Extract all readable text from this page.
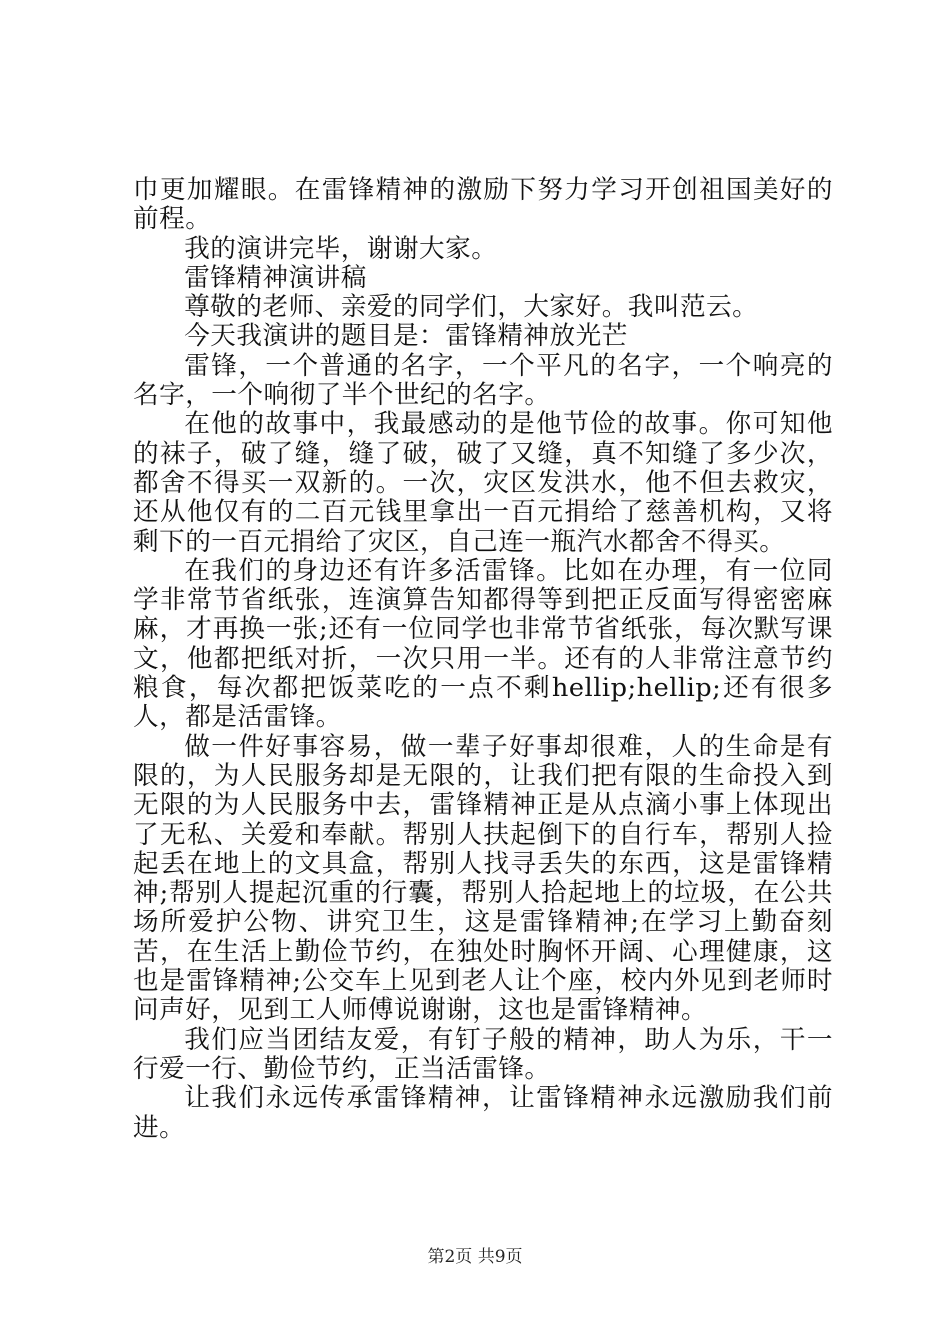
巾更加耀眼。在雷锋精神的激励下努力学习开创祖国美好的前程。

我的演讲完毕，谢谢大家。

雷锋精神演讲稿

尊敬的老师、亲爱的同学们，大家好。我叫范云。

今天我演讲的题目是：雷锋精神放光芒

雷锋，一个普通的名字，一个平凡的名字，一个响亮的名字，一个响彻了半个世纪的名字。

在他的故事中，我最感动的是他节俭的故事。你可知他的袜子，破了缝，缝了破，破了又缝，真不知缝了多少次，都舍不得买一双新的。一次，灾区发洪水，他不但去救灾，还从他仅有的二百元钱里拿出一百元捐给了慈善机构，又将剩下的一百元捐给了灾区，自己连一瓶汽水都舍不得买。

在我们的身边还有许多活雷锋。比如在办理，有一位同学非常节省纸张，连演算告知都得等到把正反面写得密密麻麻，才再换一张;还有一位同学也非常节省纸张，每次默写课文，他都把纸对折，一次只用一半。还有的人非常注意节约粮食，每次都把饭菜吃的一点不剩hellip;hellip;还有很多人，都是活雷锋。

做一件好事容易，做一辈子好事却很难，人的生命是有限的，为人民服务却是无限的，让我们把有限的生命投入到无限的为人民服务中去，雷锋精神正是从点滴小事上体现出了无私、关爱和奉献。帮别人扶起倒下的自行车，帮别人捡起丢在地上的文具盒，帮别人找寻丢失的东西，这是雷锋精神;帮别人提起沉重的行囊，帮别人拾起地上的垃圾，在公共场所爱护公物、讲究卫生，这是雷锋精神;在学习上勤奋刻苦，在生活上勤俭节约，在独处时胸怀开阔、心理健康，这也是雷锋精神;公交车上见到老人让个座，校内外见到老师时问声好，见到工人师傅说谢谢，这也是雷锋精神。

我们应当团结友爱，有钉子般的精神，助人为乐，干一行爱一行、勤俭节约，正当活雷锋。

让我们永远传承雷锋精神，让雷锋精神永远激励我们前进。

第2页 共9页
